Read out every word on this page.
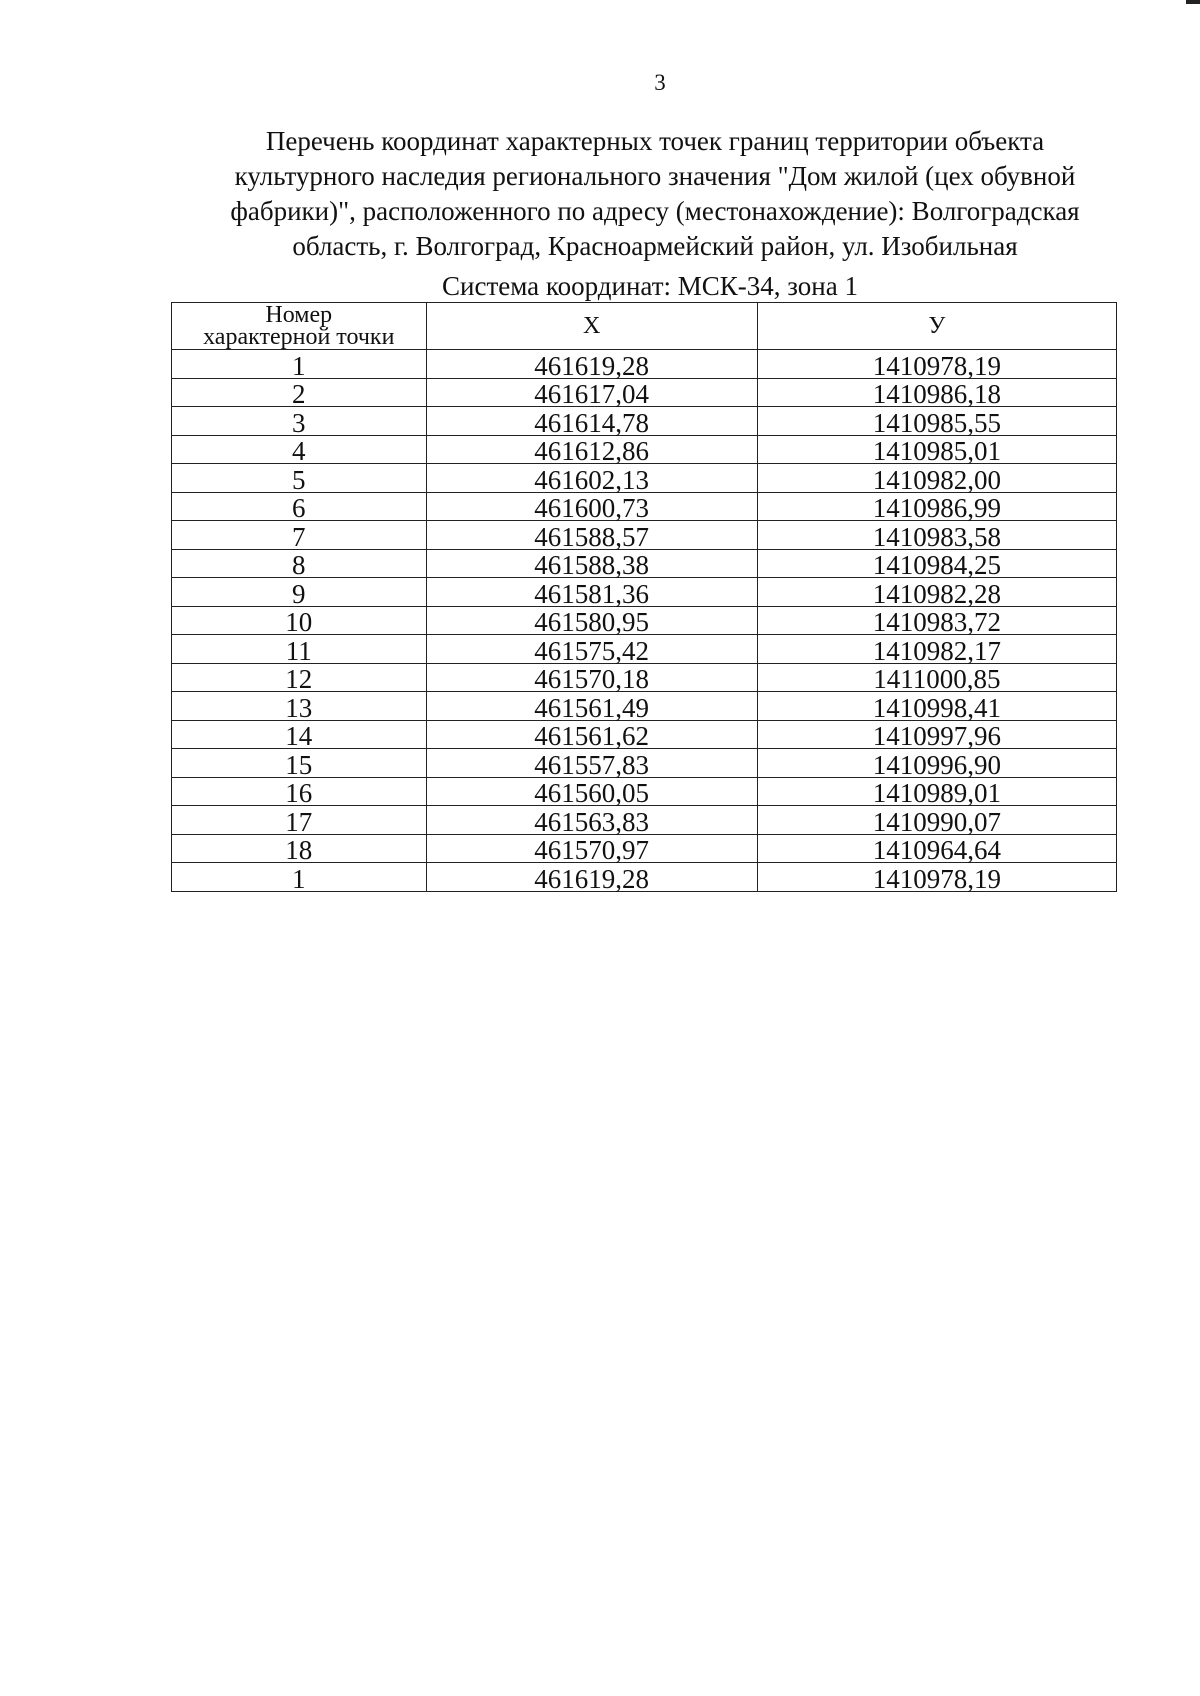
3
Перечень координат характерных точек границ территории объекта
культурного наследия регионального значения "Дом жилой (цех обувной
фабрики)", расположенного по адресу (местонахождение): Волгоградская
область, г. Волгоград, Красноармейский район, ул. Изобильная
Система координат: МСК-34, зона 1
Номер
характерной точки	X	У
1	461619,28	1410978,19
2	461617,04	1410986,18
3	461614,78	1410985,55
4	461612,86	1410985,01
5	461602,13	1410982,00
6	461600,73	1410986,99
7	461588,57	1410983,58
8	461588,38	1410984,25
9	461581,36	1410982,28
10	461580,95	1410983,72
11	461575,42	1410982,17
12	461570,18	1411000,85
13	461561,49	1410998,41
14	461561,62	1410997,96
15	461557,83	1410996,90
16	461560,05	1410989,01
17	461563,83	1410990,07
18	461570,97	1410964,64
1	461619,28	1410978,19
